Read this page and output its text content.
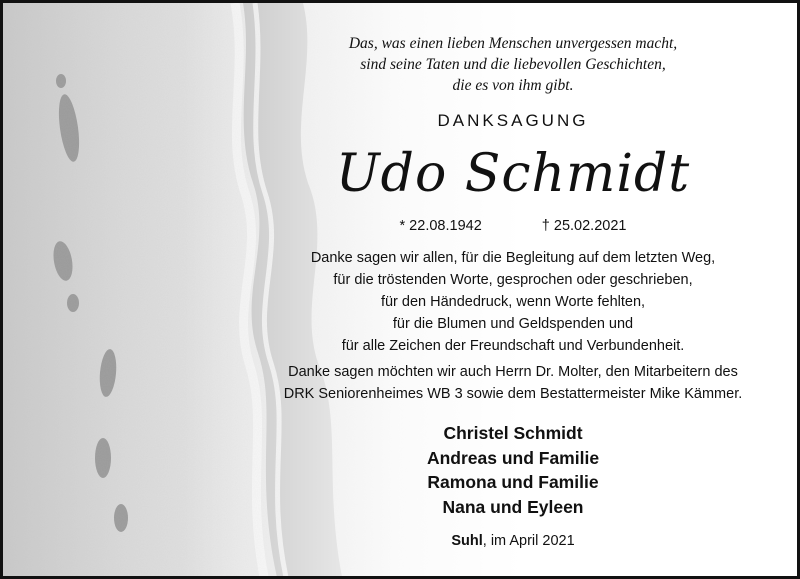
Das, was einen lieben Menschen unvergessen macht,
sind seine Taten und die liebevollen Geschichten,
die es von ihm gibt.
DANKSAGUNG
Udo Schmidt
* 22.08.1942	† 25.02.2021
Danke sagen wir allen, für die Begleitung auf dem letzten Weg,
für die tröstenden Worte, gesprochen oder geschrieben,
für den Händedruck, wenn Worte fehlten,
für die Blumen und Geldspenden und
für alle Zeichen der Freundschaft und Verbundenheit.
Danke sagen möchten wir auch Herrn Dr. Molter, den Mitarbeitern des
DRK Seniorenheimes WB 3 sowie dem Bestattermeister Mike Kämmer.
Christel Schmidt
Andreas und Familie
Ramona und Familie
Nana und Eyleen
Suhl, im April 2021
